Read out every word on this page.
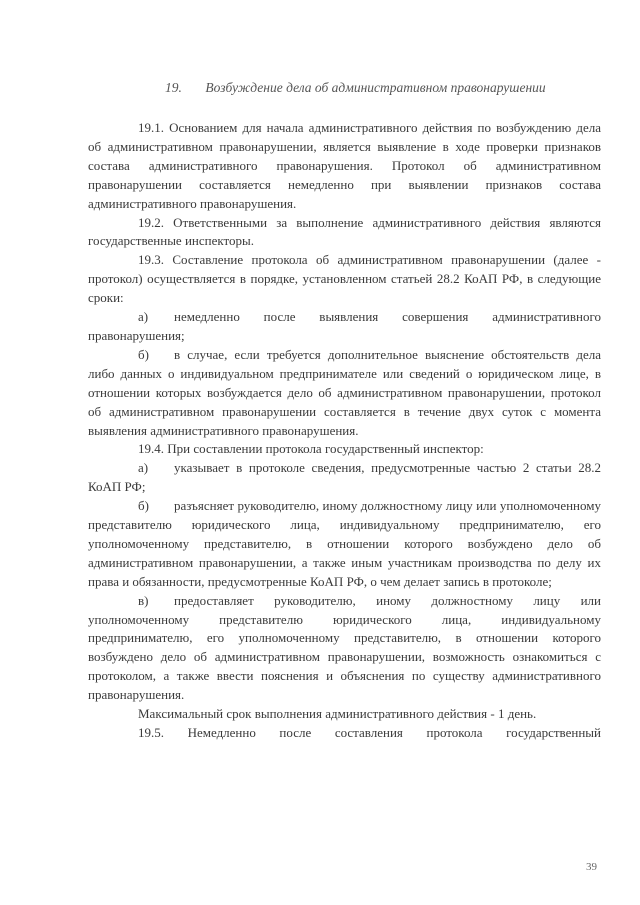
19. Возбуждение дела об административном правонарушении

19.1. Основанием для начала административного действия по возбуждению дела об административном правонарушении, является выявление в ходе проверки признаков состава административного правонарушения. Протокол об административном правонарушении составляется немедленно при выявлении признаков состава административного правонарушения.

19.2. Ответственными за выполнение административного действия являются государственные инспекторы.

19.3. Составление протокола об административном правонарушении (далее - протокол) осуществляется в порядке, установленном статьей 28.2 КоАП РФ, в следующие сроки:

а) немедленно после выявления совершения административного правонарушения;

б) в случае, если требуется дополнительное выяснение обстоятельств дела либо данных о индивидуальном предпринимателе или сведений о юридическом лице, в отношении которых возбуждается дело об административном правонарушении, протокол об административном правонарушении составляется в течение двух суток с момента выявления административного правонарушения.

19.4. При составлении протокола государственный инспектор:

а) указывает в протоколе сведения, предусмотренные частью 2 статьи 28.2 КоАП РФ;

б) разъясняет руководителю, иному должностному лицу или уполномоченному представителю юридического лица, индивидуальному предпринимателю, его уполномоченному представителю, в отношении которого возбуждено дело об административном правонарушении, а также иным участникам производства по делу их права и обязанности, предусмотренные КоАП РФ, о чем делает запись в протоколе;

в) предоставляет руководителю, иному должностному лицу или уполномоченному представителю юридического лица, индивидуальному предпринимателю, его уполномоченному представителю, в отношении которого возбуждено дело об административном правонарушении, возможность ознакомиться с протоколом, а также ввести пояснения и объяснения по существу административного правонарушения.

Максимальный срок выполнения административного действия - 1 день.

19.5. Немедленно после составления протокола государственный

39
